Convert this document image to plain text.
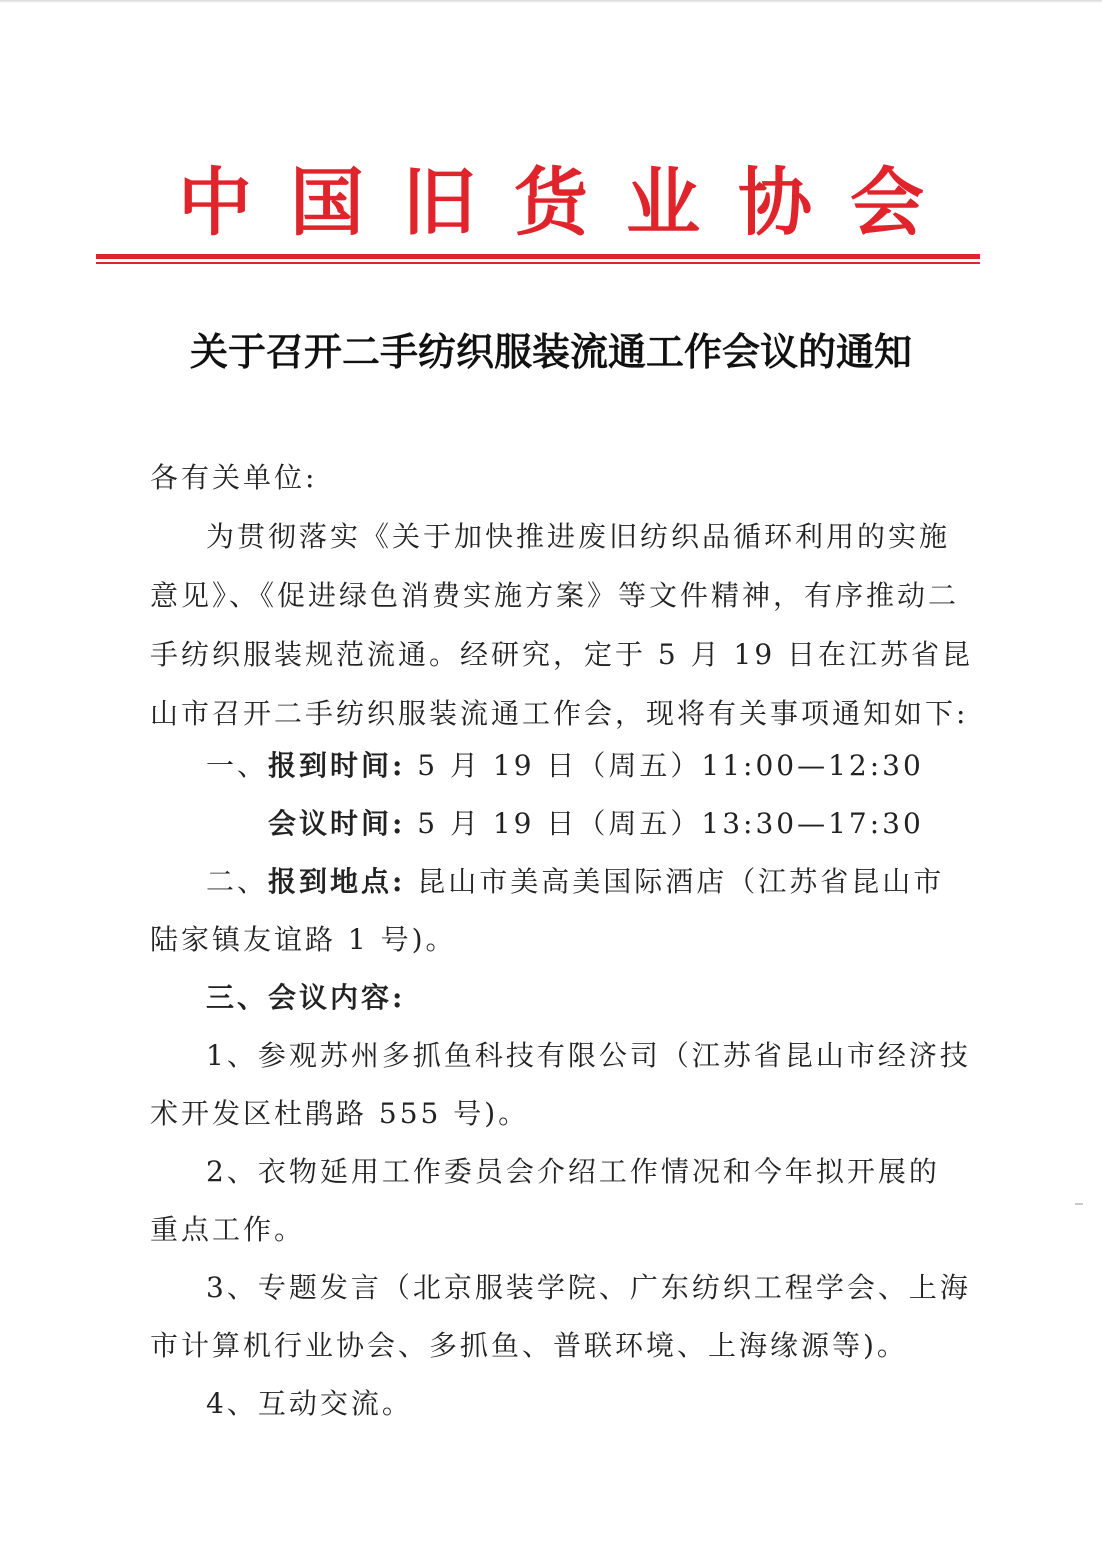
中国旧货业协会
关于召开二手纺织服装流通工作会议的通知

各有关单位:

为贯彻落实《关于加快推进废旧纺织品循环利用的实施

意见》、《促进绿色消费实施方案》等文件精神，有序推动二

手纺织服装规范流通。经研究，定于 5 月 19 日在江苏省昆

山市召开二手纺织服装流通工作会，现将有关事项通知如下:

一、报到时间: 5 月 19 日（周五）11:00—12:30

会议时间: 5 月 19 日（周五）13:30—17:30

二、报到地点: 昆山市美高美国际酒店（江苏省昆山市

陆家镇友谊路 1 号)。

三、会议内容:

1、参观苏州多抓鱼科技有限公司（江苏省昆山市经济技

术开发区杜鹃路 555 号)。

2、衣物延用工作委员会介绍工作情况和今年拟开展的

重点工作。

3、专题发言（北京服装学院、广东纺织工程学会、上海

市计算机行业协会、多抓鱼、普联环境、上海缘源等)。

4、互动交流。
